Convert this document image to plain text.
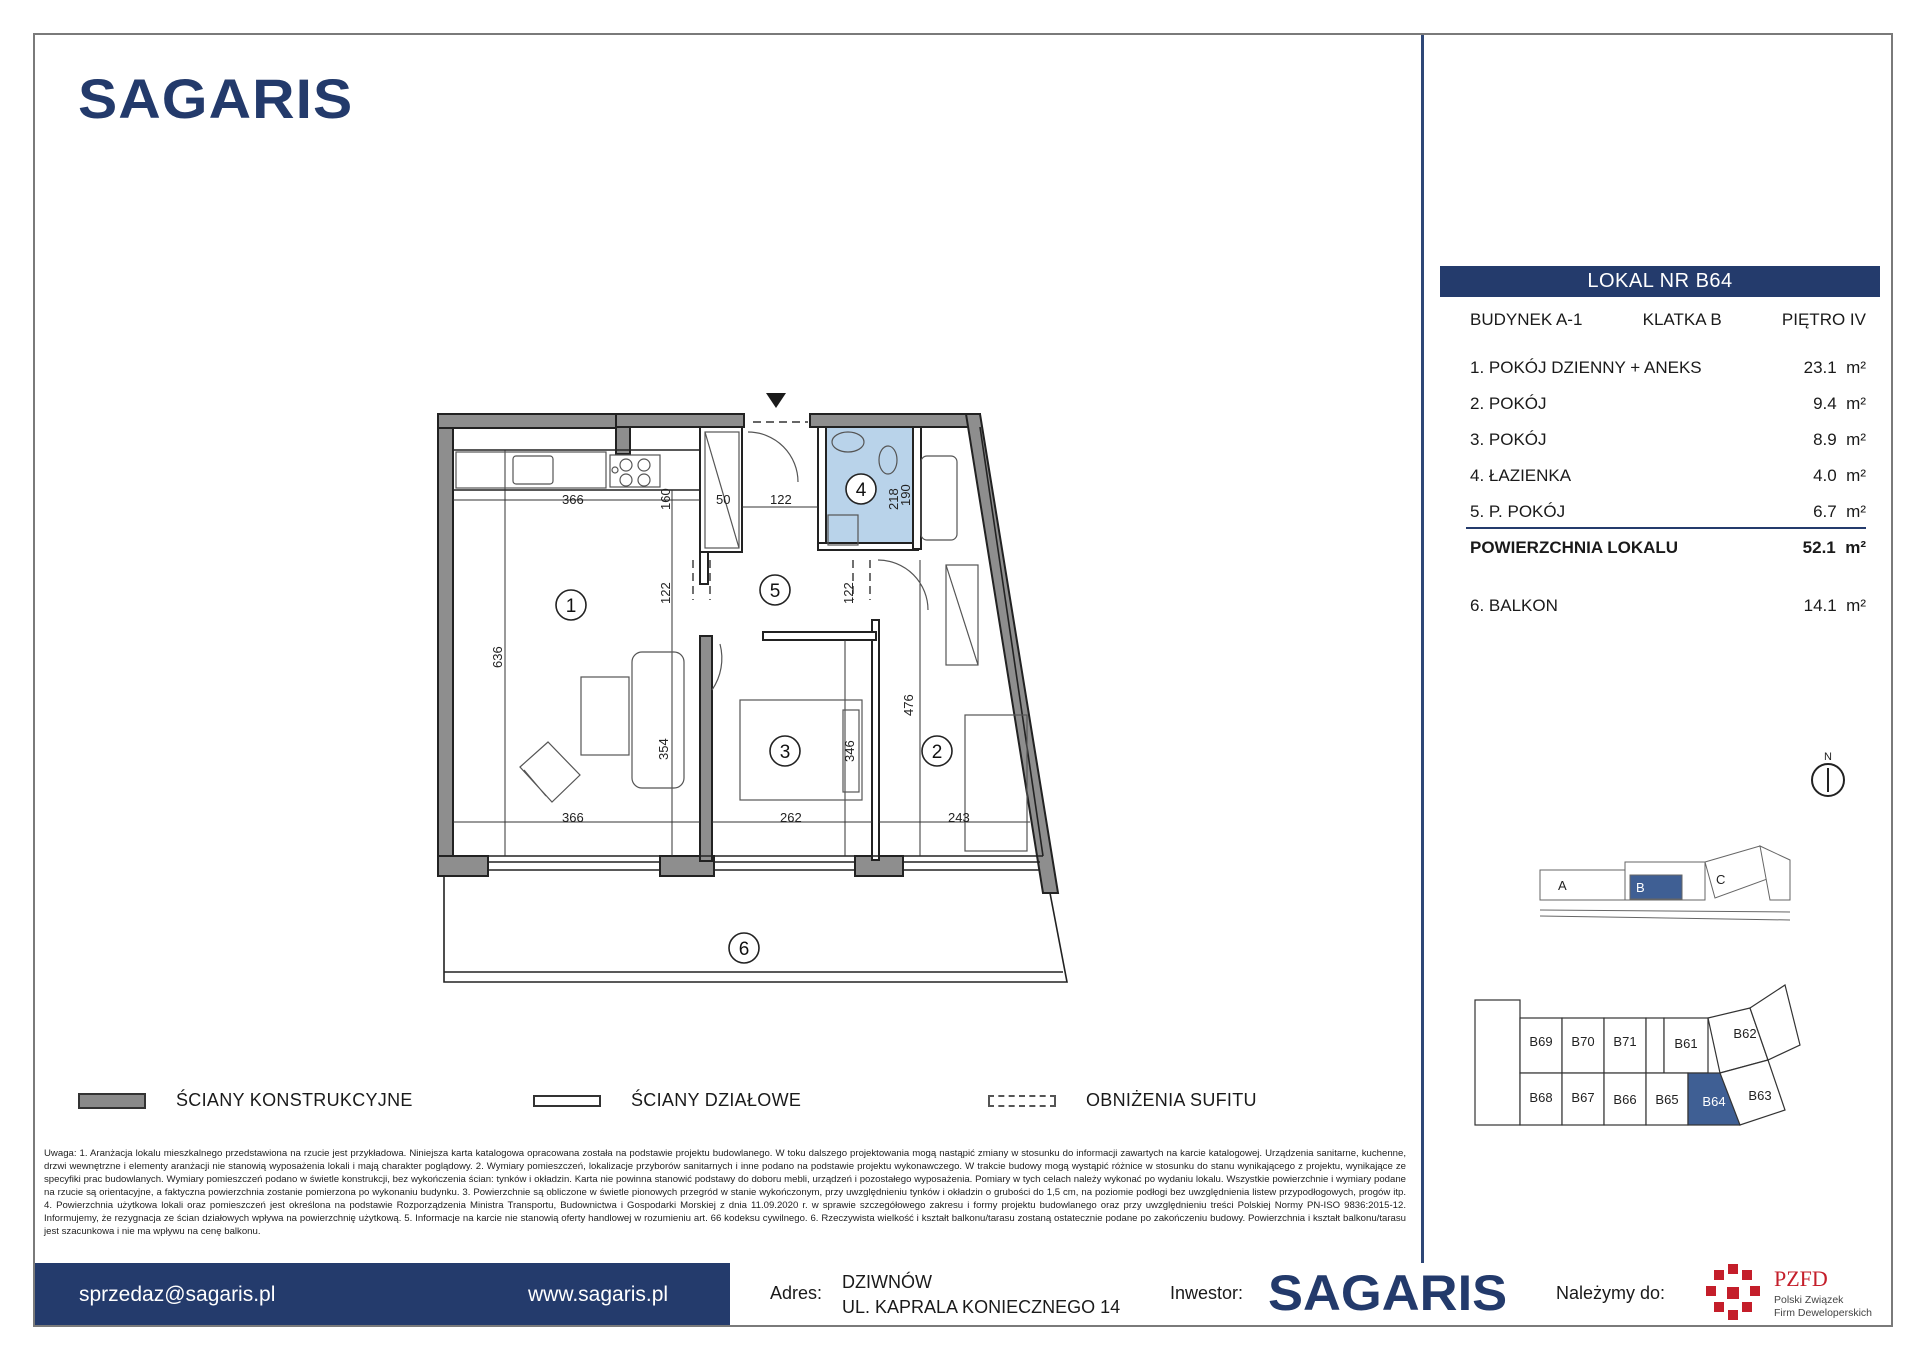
SAGARIS
1
2
3
4
5
6
366	160	50	122	218
190
122	122
636
354	346
476
366	262	243
LOKAL NR B64
BUDYNEK A-1	KLATKA B	PIĘTRO IV
1. POKÓJ DZIENNY + ANEKS	23.1 m²
2. POKÓJ	9.4 m²
3. POKÓJ	8.9 m²
4. ŁAZIENKA	4.0 m²
5. P. POKÓJ	6.7 m²
POWIERZCHNIA LOKALU	52.1 m²
6. BALKON	14.1 m²
N
A	B
C
B69 B70 B71	B61
B62
B68 B67 B66 B65 B64 B63
ŚCIANY KONSTRUKCYJNE	ŚCIANY DZIAŁOWE	OBNIŻENIA SUFITU
Uwaga: 1. Aranżacja lokalu mieszkalnego przedstawiona na rzucie jest przykładowa. Niniejsza karta katalogowa opracowana została na podstawie projektu budowlanego. W toku dalszego projektowania mogą nastąpić zmiany w stosunku do informacji zawartych na karcie katalogowej. Urządzenia sanitarne, kuchenne, drzwi wewnętrzne i elementy aranżacji nie stanowią wyposażenia lokali i mają charakter poglądowy. 2. Wymiary pomieszczeń, lokalizacje przyborów sanitarnych i inne podano na podstawie projektu wykonawczego. W trakcie budowy mogą wystąpić różnice w stosunku do stanu wynikającego z projektu, wynikające ze specyfiki prac budowlanych. Wymiary pomieszczeń podano w świetle konstrukcji, bez wykończenia ścian: tynków i okładzin. Karta nie powinna stanowić podstawy do doboru mebli, urządzeń i pozostałego wyposażenia. Pomiary w tych celach należy wykonać po wydaniu lokalu. Wszystkie powierzchnie i wymiary podane na rzucie są orientacyjne, a faktyczna powierzchnia zostanie pomierzona po wykonaniu budynku. 3. Powierzchnie są obliczone w świetle pionowych przegród w stanie wykończonym, przy uwzględnieniu tynków i okładzin o grubości do 1,5 cm, na poziomie podłogi bez uwzględnienia listew przypodłogowych, progów itp. 4. Powierzchnia użytkowa lokali oraz pomieszczeń jest określona na podstawie Rozporządzenia Ministra Transportu, Budownictwa i Gospodarki Morskiej z dnia 11.09.2020 r. w sprawie szczegółowego zakresu i formy projektu budowlanego oraz przy uwzględnieniu treści Polskiej Normy PN-ISO 9836:2015-12. Informujemy, że rezygnacja ze ścian działowych wpływa na powierzchnię użytkową. 5. Informacje na karcie nie stanowią oferty handlowej w rozumieniu art. 66 kodeksu cywilnego. 6. Rzeczywista wielkość i kształt balkonu/tarasu zostaną ostatecznie podane po zakończeniu budowy. Powierzchnia i kształt balkonu/tarasu jest szacunkowa i nie ma wpływu na cenę balkonu.
sprzedaz@sagaris.pl	www.sagaris.pl	Adres:
DZIWNÓW
UL. KAPRALA KONIECZNEGO 14
Inwestor: SAGARIS	Należymy do:
PZFD
Polski Związek
Firm Deweloperskich
